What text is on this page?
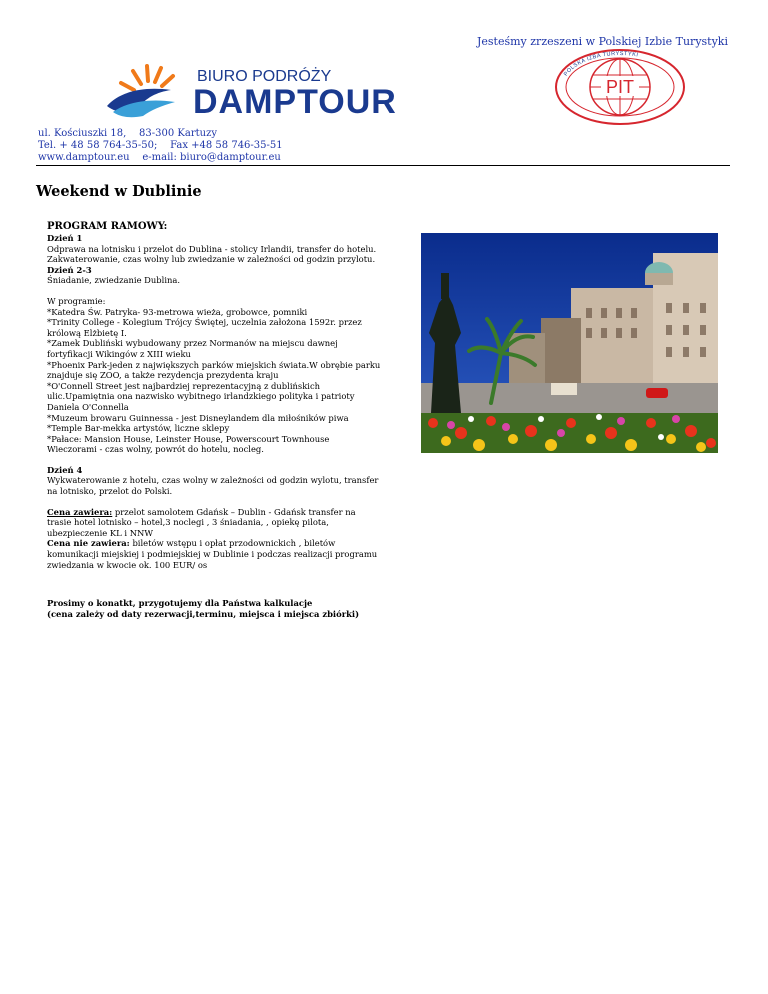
Jesteśmy zrzeszeni w Polskiej Izbie Turystyki
BIURO PODRÓŻY
DAMPTOUR	PIT
POLSKA IZBA TURYSTYKI
ul. Kościuszki 18,    83-300 Kartuzy
Tel. + 48 58 764-35-50;    Fax +48 58 746-35-51
www.damptour.eu    e-mail: biuro@damptour.eu
Weekend w Dublinie
PROGRAM RAMOWY:

Dzień 1

Odprawa na lotnisku i przelot do Dublina - stolicy Irlandii, transfer do hotelu. Zakwaterowanie, czas wolny lub zwiedzanie w zależności od godzin przylotu.

Dzień 2-3

Śniadanie, zwiedzanie Dublina.

W programie:

*Katedra Św. Patryka- 93-metrowa wieża, grobowce, pomniki

*Trinity College - Kolegium Trójcy Świętej, uczelnia założona 1592r. przez królową Elżbietę I.

*Zamek Dubliński wybudowany przez Normanów na miejscu dawnej fortyfikacji Wikingów z XIII wieku

*Phoenix Park-jeden z największych parków miejskich świata.W obrębie parku znajduje się ZOO, a także rezydencja prezydenta kraju

*O'Connell Street jest najbardziej reprezentacyjną z dublińskich ulic.Upamiętnia ona nazwisko wybitnego irlandzkiego polityka i patrioty Daniela O'Connella

*Muzeum browaru Guinnessa - jest Disneylandem dla miłośników piwa

*Temple Bar-mekka artystów, liczne sklepy

*Pałace: Mansion House, Leinster House, Powerscourt Townhouse

Wieczorami - czas wolny, powrót do hotelu, nocleg.

Dzień 4

Wykwaterowanie z hotelu, czas wolny w zależności od godzin wylotu, transfer na lotnisko, przelot do Polski.

Cena zawiera: przelot samolotem Gdańsk – Dublin - Gdańsk transfer na trasie hotel lotnisko – hotel,3 noclegi , 3 śniadania, , opiekę pilota, ubezpieczenie KL i NNW

Cena nie zawiera: biletów wstępu i opłat przodownickich , biletów komunikacji miejskiej i podmiejskiej w Dublinie i podczas realizacji programu zwiedzania w kwocie ok. 100 EUR/ os

Prosimy o konatkt, przygotujemy dla Państwa kalkulacje

(cena zależy od daty rezerwacji,terminu, miejsca i miejsca zbiórki)
